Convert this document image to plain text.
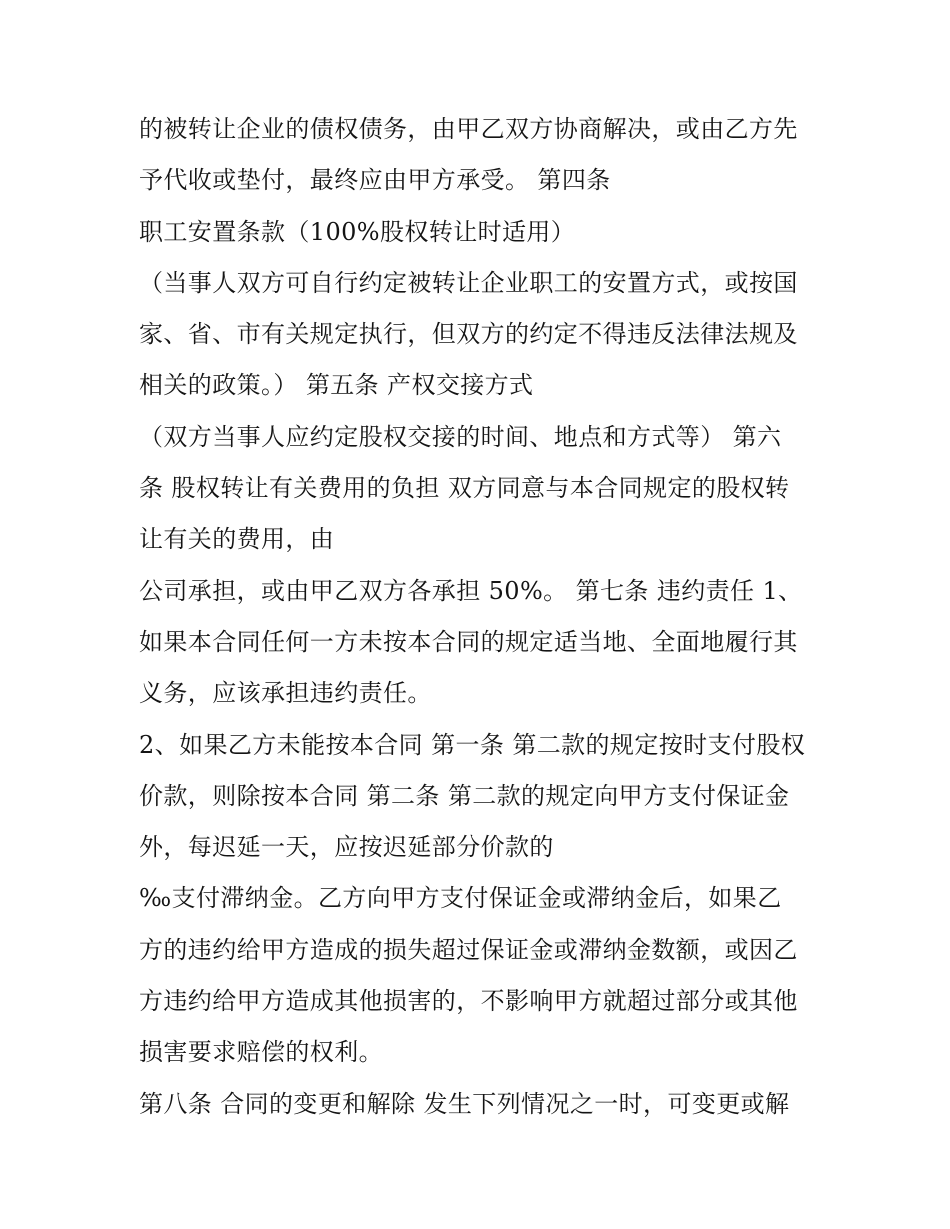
的被转让企业的债权债务，由甲乙双方协商解决，或由乙方先
予代收或垫付，最终应由甲方承受。 第四条
职工安置条款（100%股权转让时适用）
（当事人双方可自行约定被转让企业职工的安置方式，或按国
家、省、市有关规定执行，但双方的约定不得违反法律法规及
相关的政策。） 第五条 产权交接方式
（双方当事人应约定股权交接的时间、地点和方式等） 第六
条 股权转让有关费用的负担 双方同意与本合同规定的股权转
让有关的费用，由
公司承担，或由甲乙双方各承担 50%。 第七条 违约责任 1、
如果本合同任何一方未按本合同的规定适当地、全面地履行其
义务，应该承担违约责任。
2、如果乙方未能按本合同 第一条 第二款的规定按时支付股权
价款，则除按本合同 第二条 第二款的规定向甲方支付保证金
外，每迟延一天，应按迟延部分价款的
‰支付滞纳金。乙方向甲方支付保证金或滞纳金后，如果乙
方的违约给甲方造成的损失超过保证金或滞纳金数额，或因乙
方违约给甲方造成其他损害的，不影响甲方就超过部分或其他
损害要求赔偿的权利。
第八条 合同的变更和解除 发生下列情况之一时，可变更或解
